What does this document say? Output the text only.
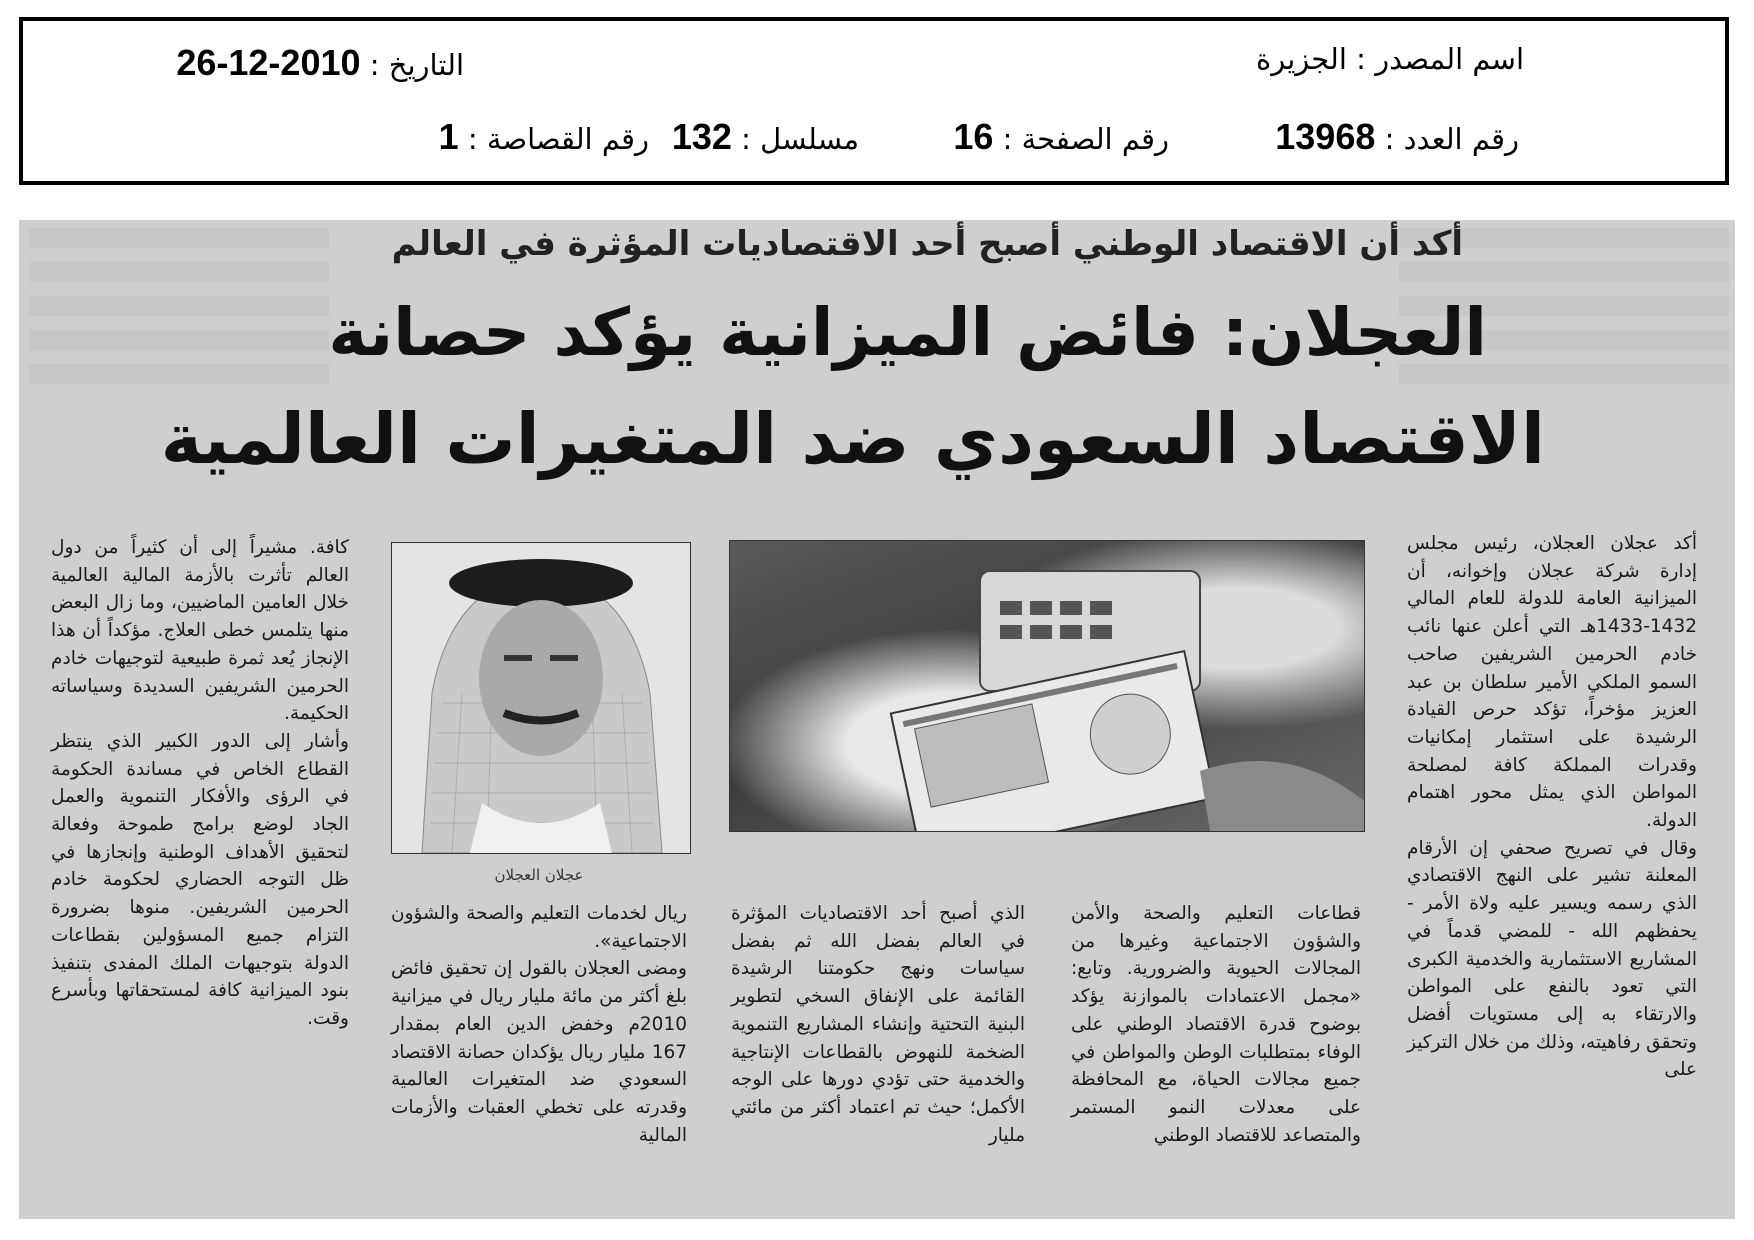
اسم المصدر : الجزيرة
التاريخ : 2010-12-26
رقم العدد : 13968
رقم الصفحة : 16
مسلسل : 132
رقم القصاصة : 1
أكد أن الاقتصاد الوطني أصبح أحد الاقتصاديات المؤثرة في العالم
العجلان: فائض الميزانية يؤكد حصانة
الاقتصاد السعودي ضد المتغيرات العالمية

أكد عجلان العجلان، رئيس مجلس إدارة شركة عجلان وإخوانه، أن الميزانية العامة للدولة للعام المالي 1432-1433هـ التي أعلن عنها نائب خادم الحرمين الشريفين صاحب السمو الملكي الأمير سلطان بن عبد العزيز مؤخراً، تؤكد حرص القيادة الرشيدة على استثمار إمكانيات وقدرات المملكة كافة لمصلحة المواطن الذي يمثل محور اهتمام الدولة.

وقال في تصريح صحفي إن الأرقام المعلنة تشير على النهج الاقتصادي الذي رسمه ويسير عليه ولاة الأمر - يحفظهم الله - للمضي قدماً في المشاريع الاستثمارية والخدمية الكبرى التي تعود بالنفع على المواطن والارتقاء به إلى مستويات أفضل وتحقق رفاهيته، وذلك من خلال التركيز على

عجلان العجلان

قطاعات التعليم والصحة والأمن والشؤون الاجتماعية وغيرها من المجالات الحيوية والضرورية. وتابع: «مجمل الاعتمادات بالموازنة يؤكد بوضوح قدرة الاقتصاد الوطني على الوفاء بمتطلبات الوطن والمواطن في جميع مجالات الحياة، مع المحافظة على معدلات النمو المستمر والمتصاعد للاقتصاد الوطني

الذي أصبح أحد الاقتصاديات المؤثرة في العالم بفضل الله ثم بفضل سياسات ونهج حكومتنا الرشيدة القائمة على الإنفاق السخي لتطوير البنية التحتية وإنشاء المشاريع التنموية الضخمة للنهوض بالقطاعات الإنتاجية والخدمية حتى تؤدي دورها على الوجه الأكمل؛ حيث تم اعتماد أكثر من مائتي مليار

ريال لخدمات التعليم والصحة والشؤون الاجتماعية».

ومضى العجلان بالقول إن تحقيق فائض بلغ أكثر من مائة مليار ريال في ميزانية 2010م وخفض الدين العام بمقدار 167 مليار ريال يؤكدان حصانة الاقتصاد السعودي ضد المتغيرات العالمية وقدرته على تخطي العقبات والأزمات المالية

كافة. مشيراً إلى أن كثيراً من دول العالم تأثرت بالأزمة المالية العالمية خلال العامين الماضيين، وما زال البعض منها يتلمس خطى العلاج. مؤكداً أن هذا الإنجاز يُعد ثمرة طبيعية لتوجيهات خادم الحرمين الشريفين السديدة وسياساته الحكيمة.

وأشار إلى الدور الكبير الذي ينتظر القطاع الخاص في مساندة الحكومة في الرؤى والأفكار التنموية والعمل الجاد لوضع برامج طموحة وفعالة لتحقيق الأهداف الوطنية وإنجازها في ظل التوجه الحضاري لحكومة خادم الحرمين الشريفين. منوها بضرورة التزام جميع المسؤولين بقطاعات الدولة بتوجيهات الملك المفدى بتنفيذ بنود الميزانية كافة لمستحقاتها وبأسرع وقت.
